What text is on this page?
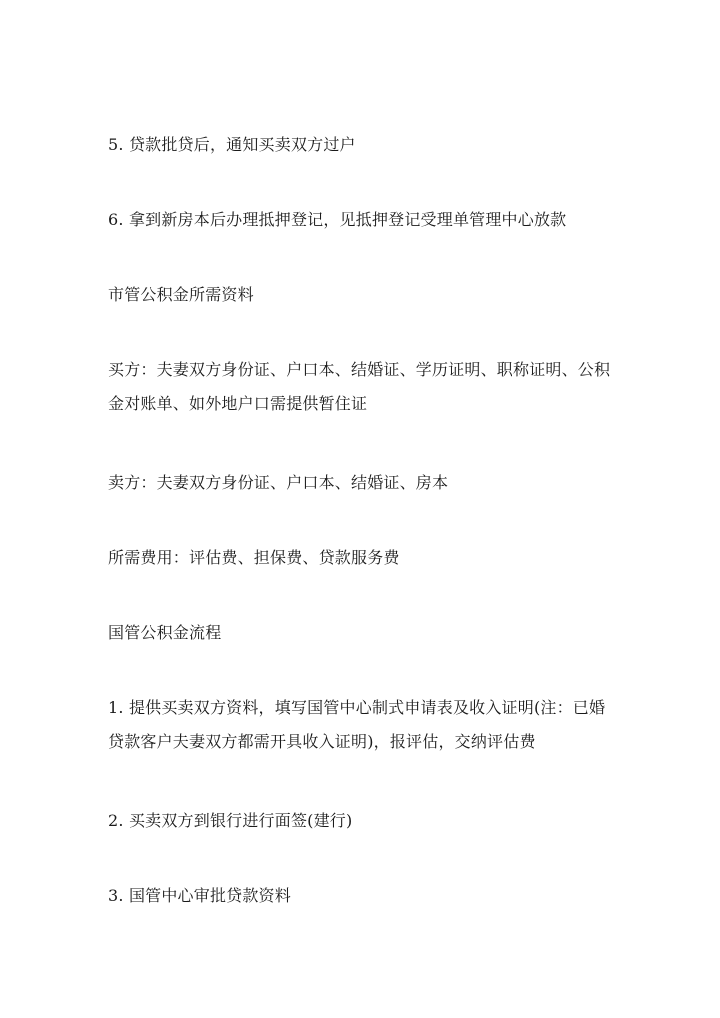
5. 贷款批贷后，通知买卖双方过户

6. 拿到新房本后办理抵押登记，见抵押登记受理单管理中心放款

市管公积金所需资料

买方：夫妻双方身份证、户口本、结婚证、学历证明、职称证明、公积金对账单、如外地户口需提供暂住证

卖方：夫妻双方身份证、户口本、结婚证、房本

所需费用：评估费、担保费、贷款服务费

国管公积金流程

1. 提供买卖双方资料，填写国管中心制式申请表及收入证明(注：已婚贷款客户夫妻双方都需开具收入证明)，报评估，交纳评估费

2. 买卖双方到银行进行面签(建行)

3. 国管中心审批贷款资料
